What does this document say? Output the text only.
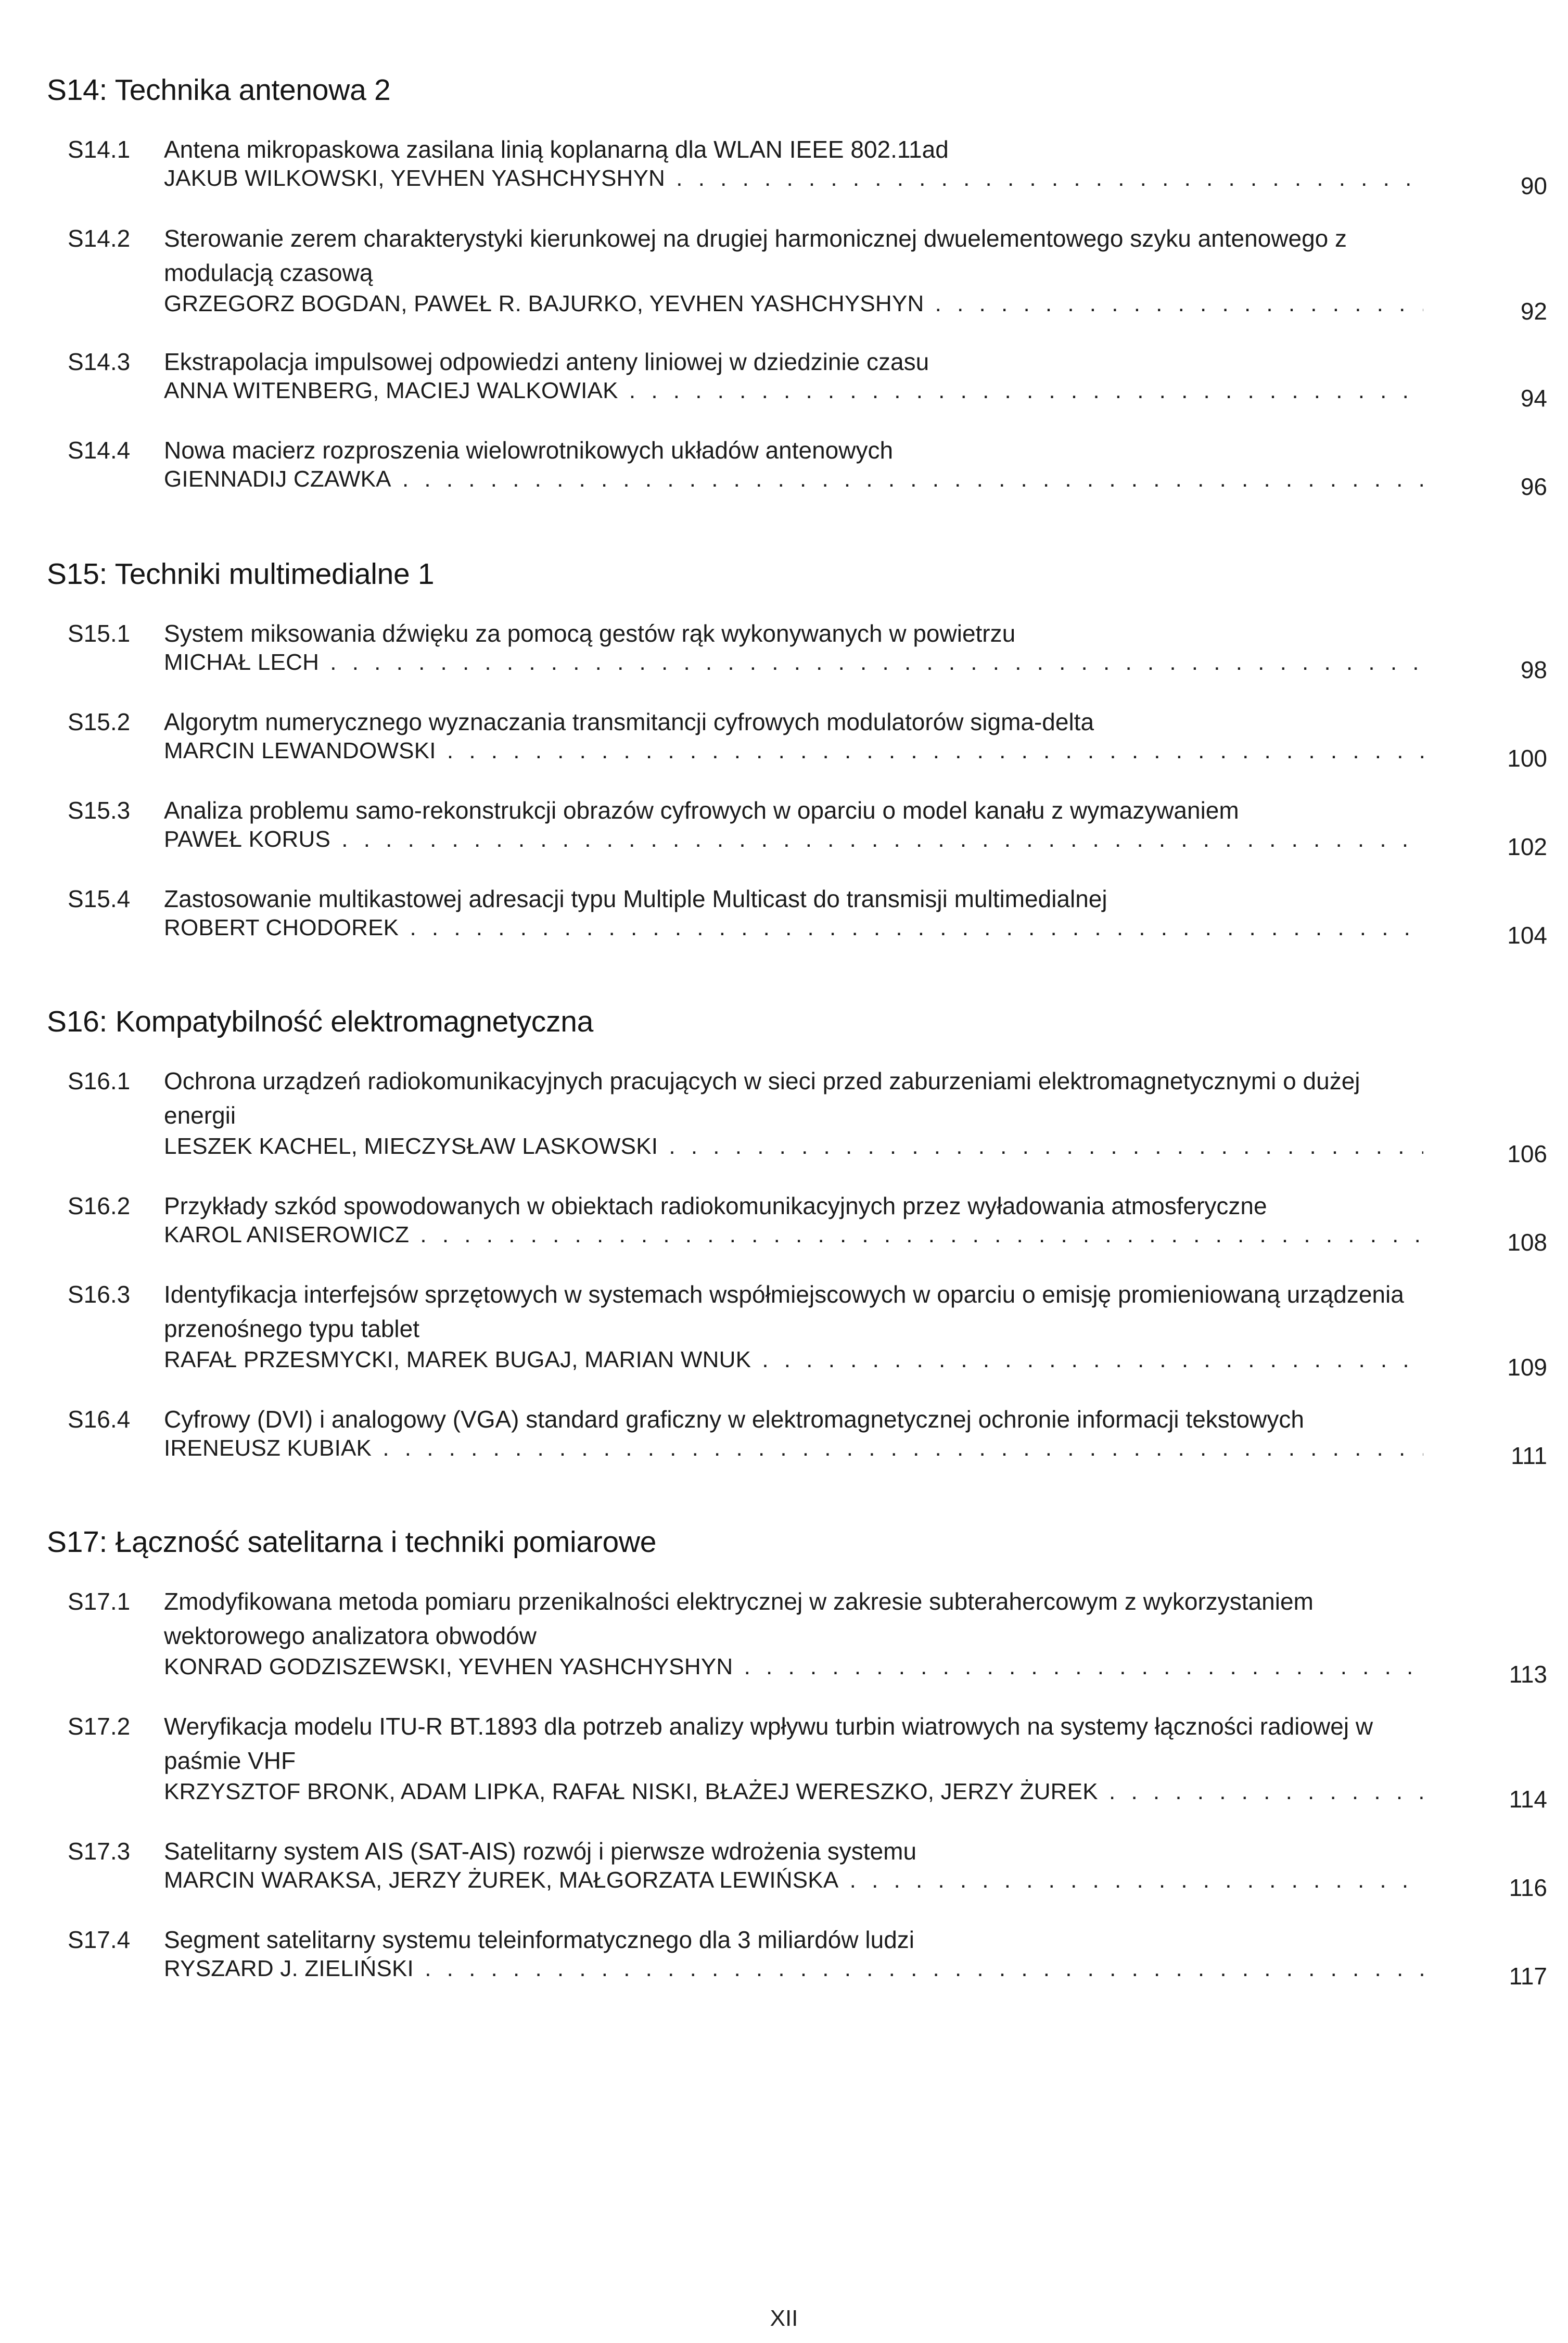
S14: Technika antenowa 2
S14.1 Antena mikropaskowa zasilana linią koplanarną dla WLAN IEEE 802.11ad
JAKUB WILKOWSKI, YEVHEN YASHCHYSHYN . . .	90
S14.2 Sterowanie zerem charakterystyki kierunkowej na drugiej harmonicznej dwuelementowego szyku antenowego z modulacją czasową
GRZEGORZ BOGDAN, PAWEŁ R. BAJURKO, YEVHEN YASHCHYSHYN . . .	92
S14.3 Ekstrapolacja impulsowej odpowiedzi anteny liniowej w dziedzinie czasu
ANNA WITENBERG, MACIEJ WALKOWIAK . . .	94
S14.4 Nowa macierz rozproszenia wielowrotnikowych układów antenowych
GIENNADIJ CZAWKA . . .	96
S15: Techniki multimedialne 1
S15.1 System miksowania dźwięku za pomocą gestów rąk wykonywanych w powietrzu
MICHAŁ LECH . . .	98
S15.2 Algorytm numerycznego wyznaczania transmitancji cyfrowych modulatorów sigma-delta
MARCIN LEWANDOWSKI . . .	100
S15.3 Analiza problemu samo-rekonstrukcji obrazów cyfrowych w oparciu o model kanału z wymazywaniem
PAWEŁ KORUS . . .	102
S15.4 Zastosowanie multikastowej adresacji typu Multiple Multicast do transmisji multimedialnej
ROBERT CHODOREK . . .	104
S16: Kompatybilność elektromagnetyczna
S16.1 Ochrona urządzeń radiokomunikacyjnych pracujących w sieci przed zaburzeniami elektromagnetycznymi o dużej energii
LESZEK KACHEL, MIECZYSŁAW LASKOWSKI . . .	106
S16.2 Przykłady szkód spowodowanych w obiektach radiokomunikacyjnych przez wyładowania atmosferyczne
KAROL ANISEROWICZ . . .	108
S16.3 Identyfikacja interfejsów sprzętowych w systemach współmiejscowych w oparciu o emisję promieniowaną urządzenia przenośnego typu tablet
RAFAŁ PRZESMYCKI, MAREK BUGAJ, MARIAN WNUK . . .	109
S16.4 Cyfrowy (DVI) i analogowy (VGA) standard graficzny w elektromagnetycznej ochronie informacji tekstowych
IRENEUSZ KUBIAK . . .	111
S17: Łączność satelitarna i techniki pomiarowe
S17.1 Zmodyfikowana metoda pomiaru przenikalności elektrycznej w zakresie subterahercowym z wykorzystaniem wektorowego analizatora obwodów
KONRAD GODZISZEWSKI, YEVHEN YASHCHYSHYN . . .	113
S17.2 Weryfikacja modelu ITU-R BT.1893 dla potrzeb analizy wpływu turbin wiatrowych na systemy łączności radiowej w paśmie VHF
KRZYSZTOF BRONK, ADAM LIPKA, RAFAŁ NISKI, BŁAŻEJ WERESZKO, JERZY ŻUREK . . .	114
S17.3 Satelitarny system AIS (SAT-AIS) rozwój i pierwsze wdrożenia systemu
MARCIN WARAKSA, JERZY ŻUREK, MAŁGORZATA LEWIŃSKA . . .	116
S17.4 Segment satelitarny systemu teleinformatycznego dla 3 miliardów ludzi
RYSZARD J. ZIELIŃSKI . . .	117
XII
